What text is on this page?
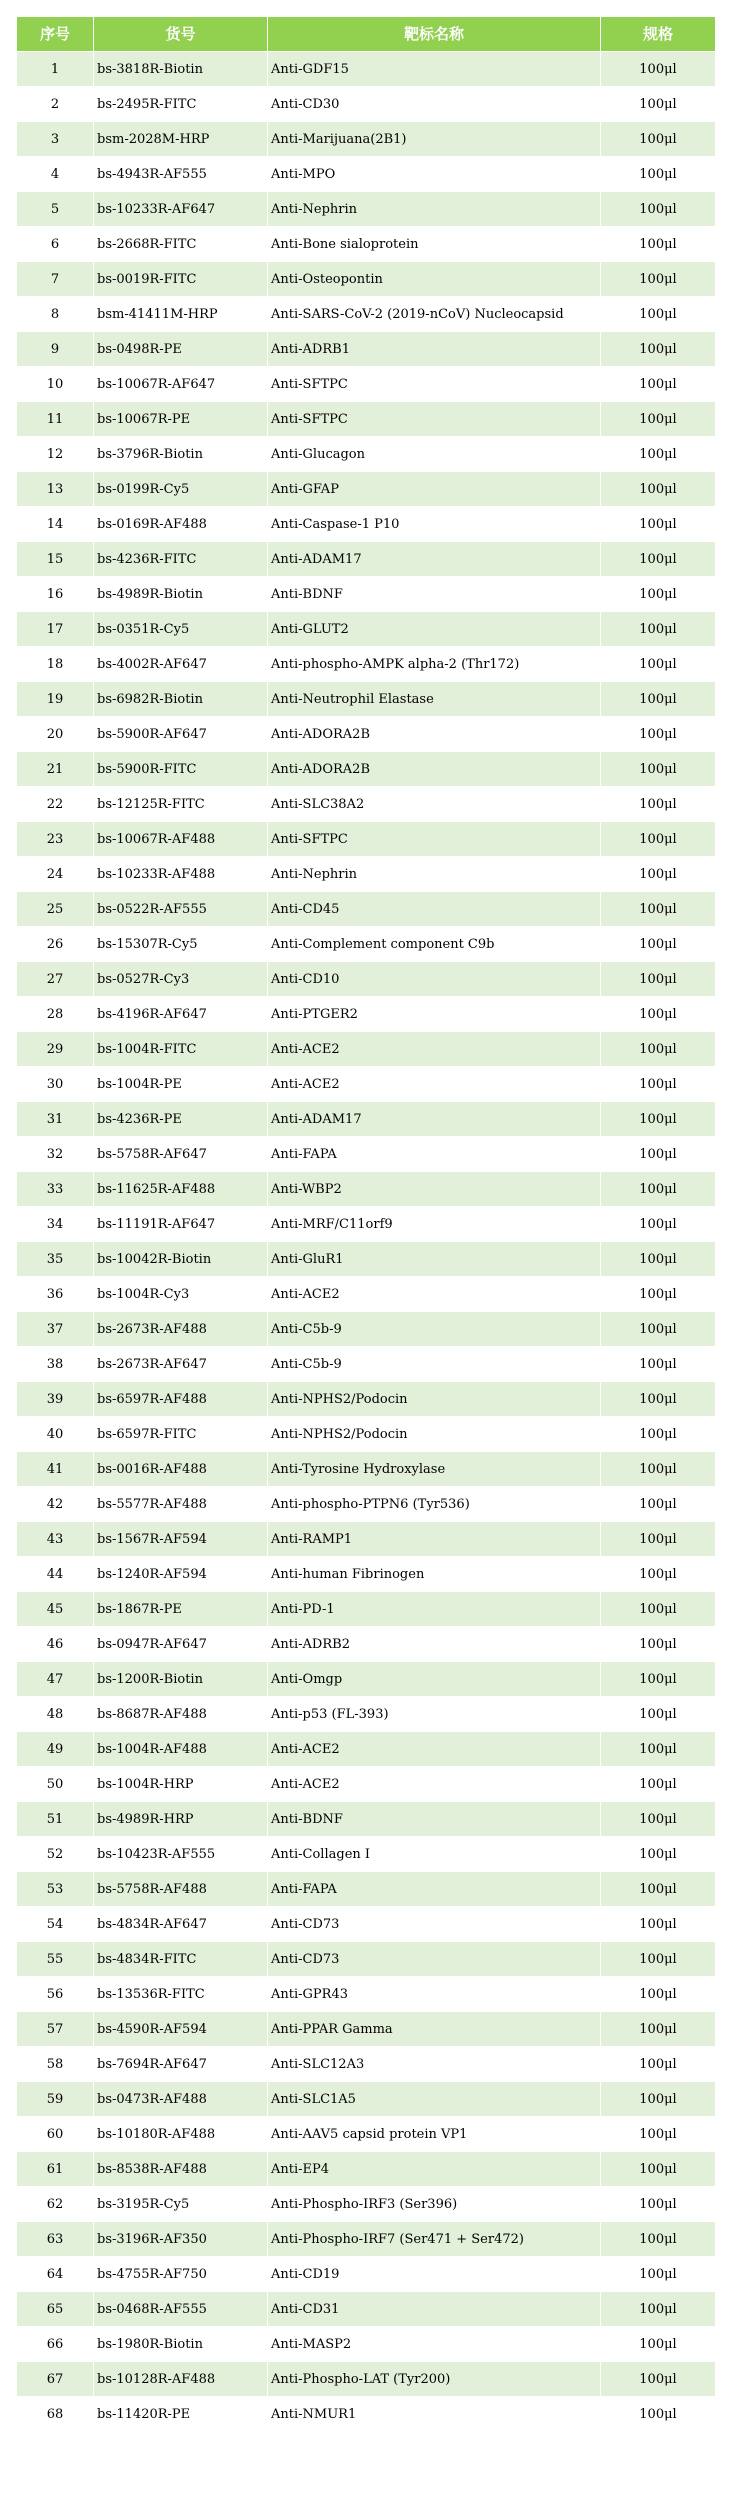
序号	货号	靶标名称	规格
1	bs-3818R-Biotin	Anti-GDF15	100μl
2	bs-2495R-FITC	Anti-CD30	100μl
3	bsm-2028M-HRP	Anti-Marijuana(2B1)	100μl
4	bs-4943R-AF555	Anti-MPO	100μl
5	bs-10233R-AF647	Anti-Nephrin	100μl
6	bs-2668R-FITC	Anti-Bone sialoprotein	100μl
7	bs-0019R-FITC	Anti-Osteopontin	100μl
8	bsm-41411M-HRP	Anti-SARS-CoV-2 (2019-nCoV) Nucleocapsid	100μl
9	bs-0498R-PE	Anti-ADRB1	100μl
10	bs-10067R-AF647	Anti-SFTPC	100μl
11	bs-10067R-PE	Anti-SFTPC	100μl
12	bs-3796R-Biotin	Anti-Glucagon	100μl
13	bs-0199R-Cy5	Anti-GFAP	100μl
14	bs-0169R-AF488	Anti-Caspase-1 P10	100μl
15	bs-4236R-FITC	Anti-ADAM17	100μl
16	bs-4989R-Biotin	Anti-BDNF	100μl
17	bs-0351R-Cy5	Anti-GLUT2	100μl
18	bs-4002R-AF647	Anti-phospho-AMPK alpha-2 (Thr172)	100μl
19	bs-6982R-Biotin	Anti-Neutrophil Elastase	100μl
20	bs-5900R-AF647	Anti-ADORA2B	100μl
21	bs-5900R-FITC	Anti-ADORA2B	100μl
22	bs-12125R-FITC	Anti-SLC38A2	100μl
23	bs-10067R-AF488	Anti-SFTPC	100μl
24	bs-10233R-AF488	Anti-Nephrin	100μl
25	bs-0522R-AF555	Anti-CD45	100μl
26	bs-15307R-Cy5	Anti-Complement component C9b	100μl
27	bs-0527R-Cy3	Anti-CD10	100μl
28	bs-4196R-AF647	Anti-PTGER2	100μl
29	bs-1004R-FITC	Anti-ACE2	100μl
30	bs-1004R-PE	Anti-ACE2	100μl
31	bs-4236R-PE	Anti-ADAM17	100μl
32	bs-5758R-AF647	Anti-FAPA	100μl
33	bs-11625R-AF488	Anti-WBP2	100μl
34	bs-11191R-AF647	Anti-MRF/C11orf9	100μl
35	bs-10042R-Biotin	Anti-GluR1	100μl
36	bs-1004R-Cy3	Anti-ACE2	100μl
37	bs-2673R-AF488	Anti-C5b-9	100μl
38	bs-2673R-AF647	Anti-C5b-9	100μl
39	bs-6597R-AF488	Anti-NPHS2/Podocin	100μl
40	bs-6597R-FITC	Anti-NPHS2/Podocin	100μl
41	bs-0016R-AF488	Anti-Tyrosine Hydroxylase	100μl
42	bs-5577R-AF488	Anti-phospho-PTPN6 (Tyr536)	100μl
43	bs-1567R-AF594	Anti-RAMP1	100μl
44	bs-1240R-AF594	Anti-human Fibrinogen	100μl
45	bs-1867R-PE	Anti-PD-1	100μl
46	bs-0947R-AF647	Anti-ADRB2	100μl
47	bs-1200R-Biotin	Anti-Omgp	100μl
48	bs-8687R-AF488	Anti-p53 (FL-393)	100μl
49	bs-1004R-AF488	Anti-ACE2	100μl
50	bs-1004R-HRP	Anti-ACE2	100μl
51	bs-4989R-HRP	Anti-BDNF	100μl
52	bs-10423R-AF555	Anti-Collagen I	100μl
53	bs-5758R-AF488	Anti-FAPA	100μl
54	bs-4834R-AF647	Anti-CD73	100μl
55	bs-4834R-FITC	Anti-CD73	100μl
56	bs-13536R-FITC	Anti-GPR43	100μl
57	bs-4590R-AF594	Anti-PPAR Gamma	100μl
58	bs-7694R-AF647	Anti-SLC12A3	100μl
59	bs-0473R-AF488	Anti-SLC1A5	100μl
60	bs-10180R-AF488	Anti-AAV5 capsid protein VP1	100μl
61	bs-8538R-AF488	Anti-EP4	100μl
62	bs-3195R-Cy5	Anti-Phospho-IRF3 (Ser396)	100μl
63	bs-3196R-AF350	Anti-Phospho-IRF7 (Ser471 + Ser472)	100μl
64	bs-4755R-AF750	Anti-CD19	100μl
65	bs-0468R-AF555	Anti-CD31	100μl
66	bs-1980R-Biotin	Anti-MASP2	100μl
67	bs-10128R-AF488	Anti-Phospho-LAT (Tyr200)	100μl
68	bs-11420R-PE	Anti-NMUR1	100μl
